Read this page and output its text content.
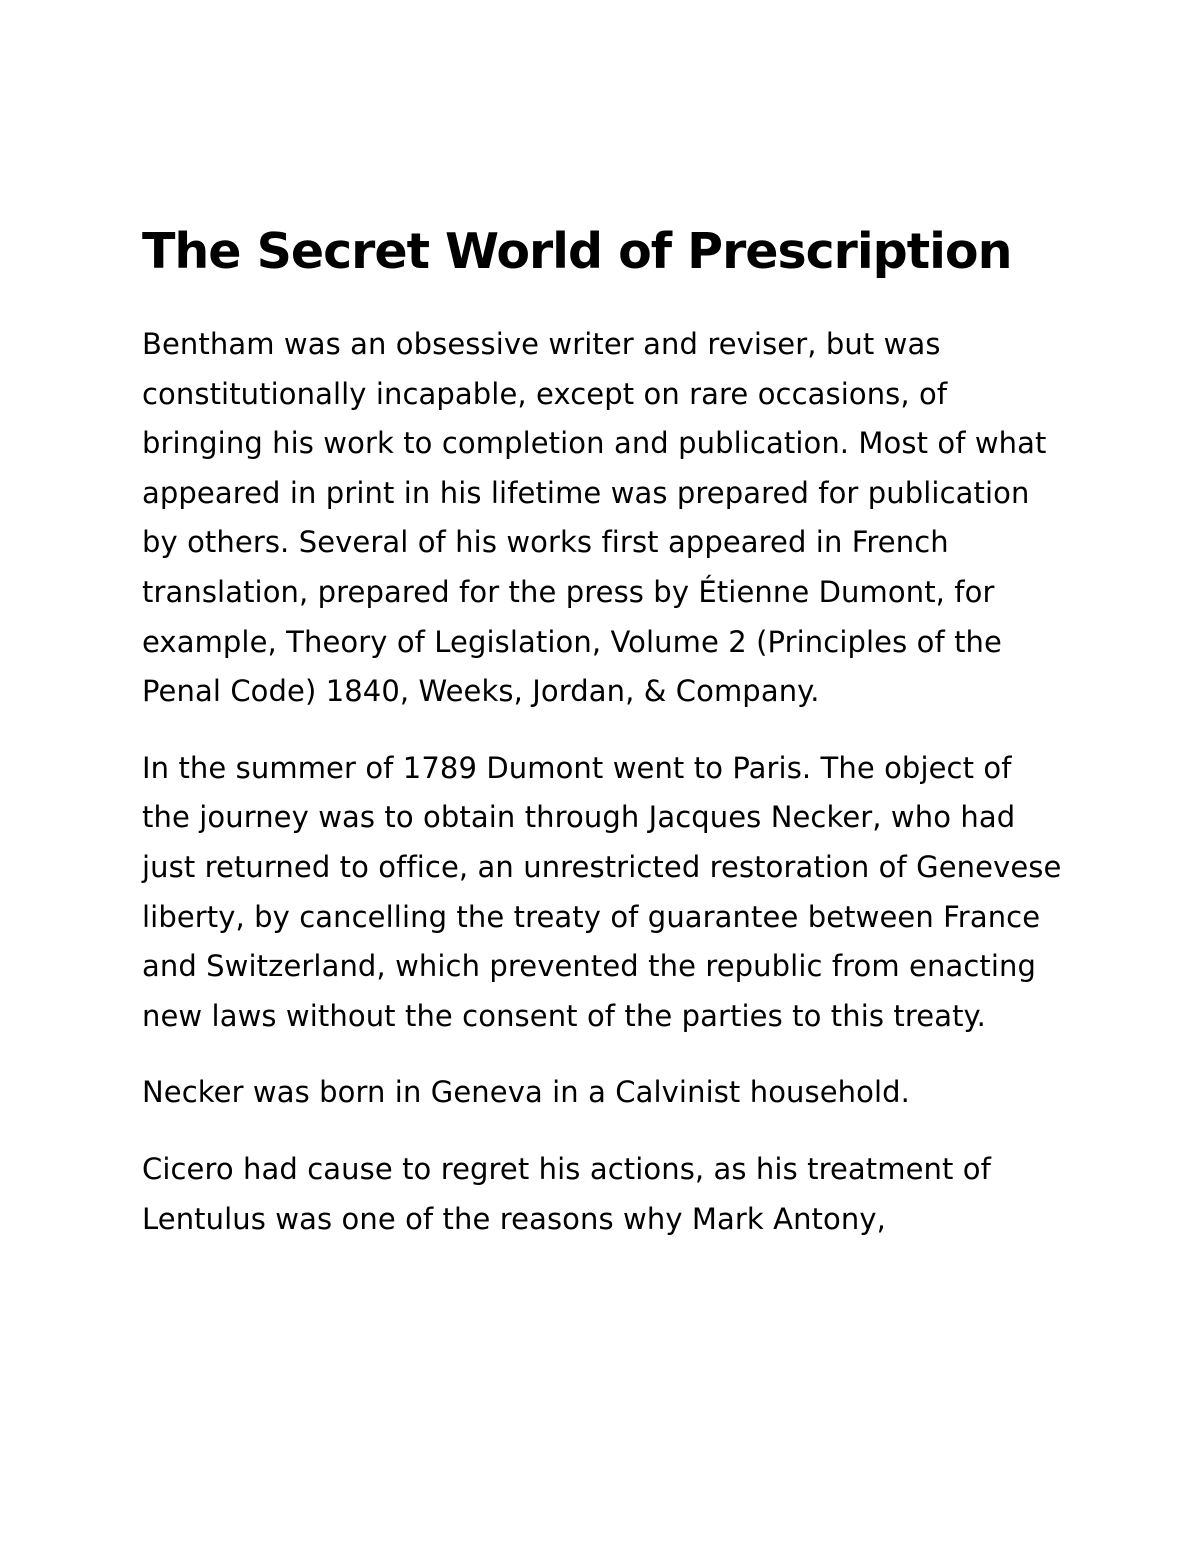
The Secret World of Prescription

Bentham was an obsessive writer and reviser, but was constitutionally incapable, except on rare occasions, of bringing his work to completion and publication. Most of what appeared in print in his lifetime was prepared for publication by others. Several of his works first appeared in French translation, prepared for the press by Étienne Dumont, for example, Theory of Legislation, Volume 2 (Principles of the Penal Code) 1840, Weeks, Jordan, & Company.

In the summer of 1789 Dumont went to Paris. The object of the journey was to obtain through Jacques Necker, who had just returned to office, an unrestricted restoration of Genevese liberty, by cancelling the treaty of guarantee between France and Switzerland, which prevented the republic from enacting new laws without the consent of the parties to this treaty.

Necker was born in Geneva in a Calvinist household.

Cicero had cause to regret his actions, as his treatment of Lentulus was one of the reasons why Mark Antony,
